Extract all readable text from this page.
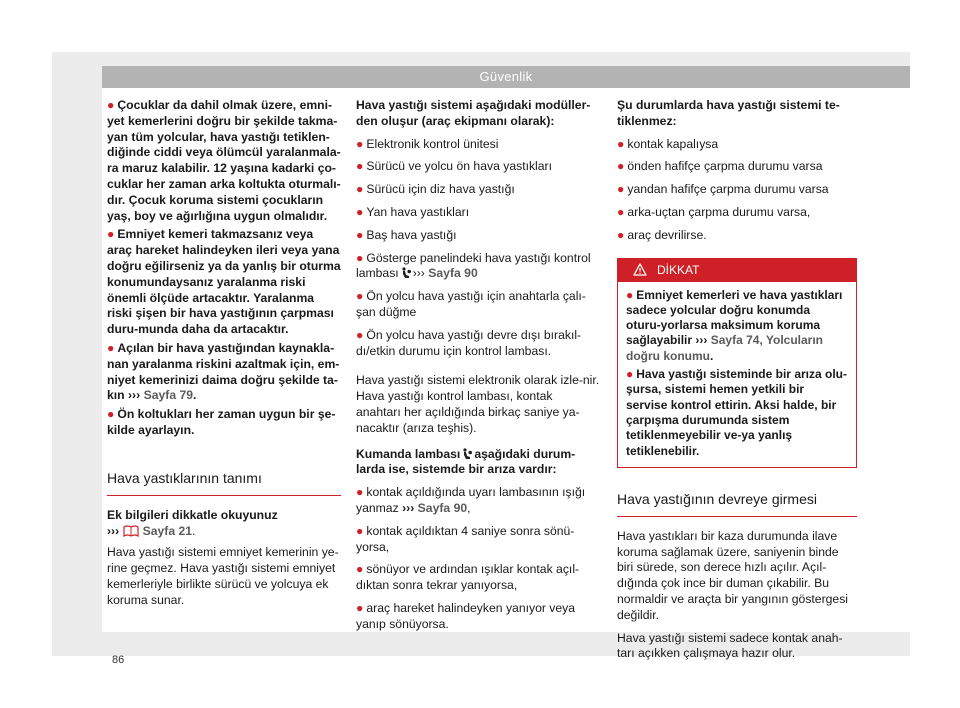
Güvenlik
● Çocuklar da dahil olmak üzere, emni-yet kemerlerini doğru bir şekilde takma-yan tüm yolcular, hava yastığı tetiklen-diğinde ciddi veya ölümcül yaralanmala-ra maruz kalabilir. 12 yaşına kadarki ço-cuklar her zaman arka koltukta oturmalı-dır. Çocuk koruma sistemi çocukların yaş, boy ve ağırlığına uygun olmalıdır.
● Emniyet kemeri takmazsanız veya araç hareket halindeyken ileri veya yana doğru eğilirseniz ya da yanlış bir oturma konumundaysanız yaralanma riski önemli ölçüde artacaktır. Yaralanma riski şişen bir hava yastığının çarpması duru-munda daha da artacaktır.
● Açılan bir hava yastığından kaynakla-nan yaralanma riskini azaltmak için, em-niyet kemerinizi daima doğru şekilde ta-kın ››› Sayfa 79.
● Ön koltukları her zaman uygun bir şe-kilde ayarlayın.
Hava yastıklarının tanımı

Ek bilgileri dikkatle okuyunuz

››› Sayfa 21.

Hava yastığı sistemi emniyet kemerinin ye-rine geçmez. Hava yastığı sistemi emniyet kemerleriyle birlikte sürücü ve yolcuya ek koruma sunar.

Hava yastığı sistemi aşağıdaki modüller-den oluşur (araç ekipmanı olarak):

● Elektronik kontrol ünitesi
● Sürücü ve yolcu ön hava yastıkları
● Sürücü için diz hava yastığı
● Yan hava yastıkları
● Baş hava yastığı
● Gösterge panelindeki hava yastığı kontrol lambası ››› Sayfa 90
● Ön yolcu hava yastığı için anahtarla çalı-şan düğme
● Ön yolcu hava yastığı devre dışı bırakıl-dı/etkin durumu için kontrol lambası.

Hava yastığı sistemi elektronik olarak izle-nir. Hava yastığı kontrol lambası, kontak anahtarı her açıldığında birkaç saniye ya-nacaktır (arıza teşhis).

Kumanda lambası aşağıdaki durum-larda ise, sistemde bir arıza vardır:

● kontak açıldığında uyarı lambasının ışığı yanmaz ››› Sayfa 90,
● kontak açıldıktan 4 saniye sonra sönü-yorsa,
● sönüyor ve ardından ışıklar kontak açıl-dıktan sonra tekrar yanıyorsa,
● araç hareket halindeyken yanıyor veya yanıp sönüyorsa.

Şu durumlarda hava yastığı sistemi te-tiklenmez:

● kontak kapalıysa
● önden hafifçe çarpma durumu varsa
● yandan hafifçe çarpma durumu varsa
● arka-uçtan çarpma durumu varsa,
● araç devrilirse.
DİKKAT
● Emniyet kemerleri ve hava yastıkları sadece yolcular doğru konumda oturu-yorlarsa maksimum koruma sağlayabilir ››› Sayfa 74, Yolcuların doğru konumu.
● Hava yastığı sisteminde bir arıza olu-şursa, sistemi hemen yetkili bir servise kontrol ettirin. Aksi halde, bir çarpışma durumunda sistem tetiklenmeyebilir ve-ya yanlış tetiklenebilir.
Hava yastığının devreye girmesi

Hava yastıkları bir kaza durumunda ilave koruma sağlamak üzere, saniyenin binde biri sürede, son derece hızlı açılır. Açıl-dığında çok ince bir duman çıkabilir. Bu normaldir ve araçta bir yangının göstergesi değildir.

Hava yastığı sistemi sadece kontak anah-tarı açıkken çalışmaya hazır olur.

86
